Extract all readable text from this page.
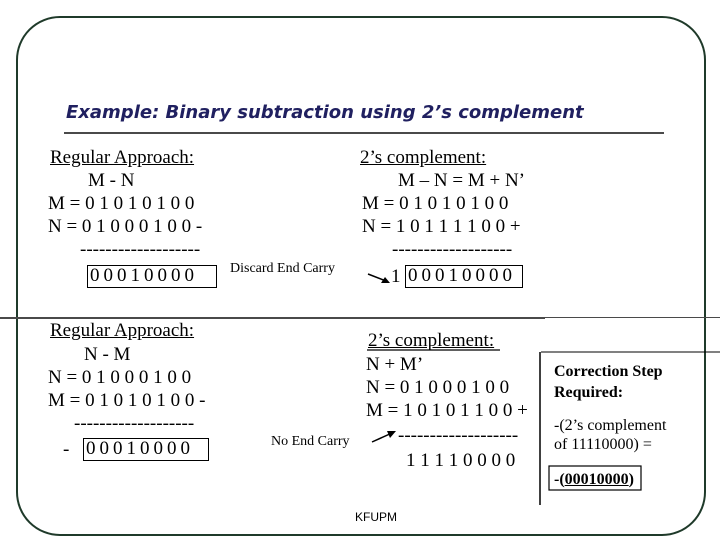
Example: Binary subtraction using 2’s complement
Regular Approach:
M - N
M = 0 1 0 1 0 1 0 0
N = 0 1 0 0 0 1 0 0 -
-------------------
00010000
2’s complement:
M – N = M + N’
M = 0 1 0 1 0 1 0 0
N = 1 0 1 1 1 1 0 0 +
-------------------
Discard End Carry	1 00010000
Regular Approach:
N - M
N = 0 1 0 0 0 1 0 0
M = 0 1 0 1 0 1 0 0 -
-------------------
- 00010000
2’s complement:
N + M’
N = 0 1 0 0 0 1 0 0
M = 1 0 1 0 1 1 0 0 +
-------------------
No End Carry
1 1 1 1 0 0 0 0
Correction Step
Required:
-(2’s complement
of 11110000) =
-(00010000)
KFUPM
